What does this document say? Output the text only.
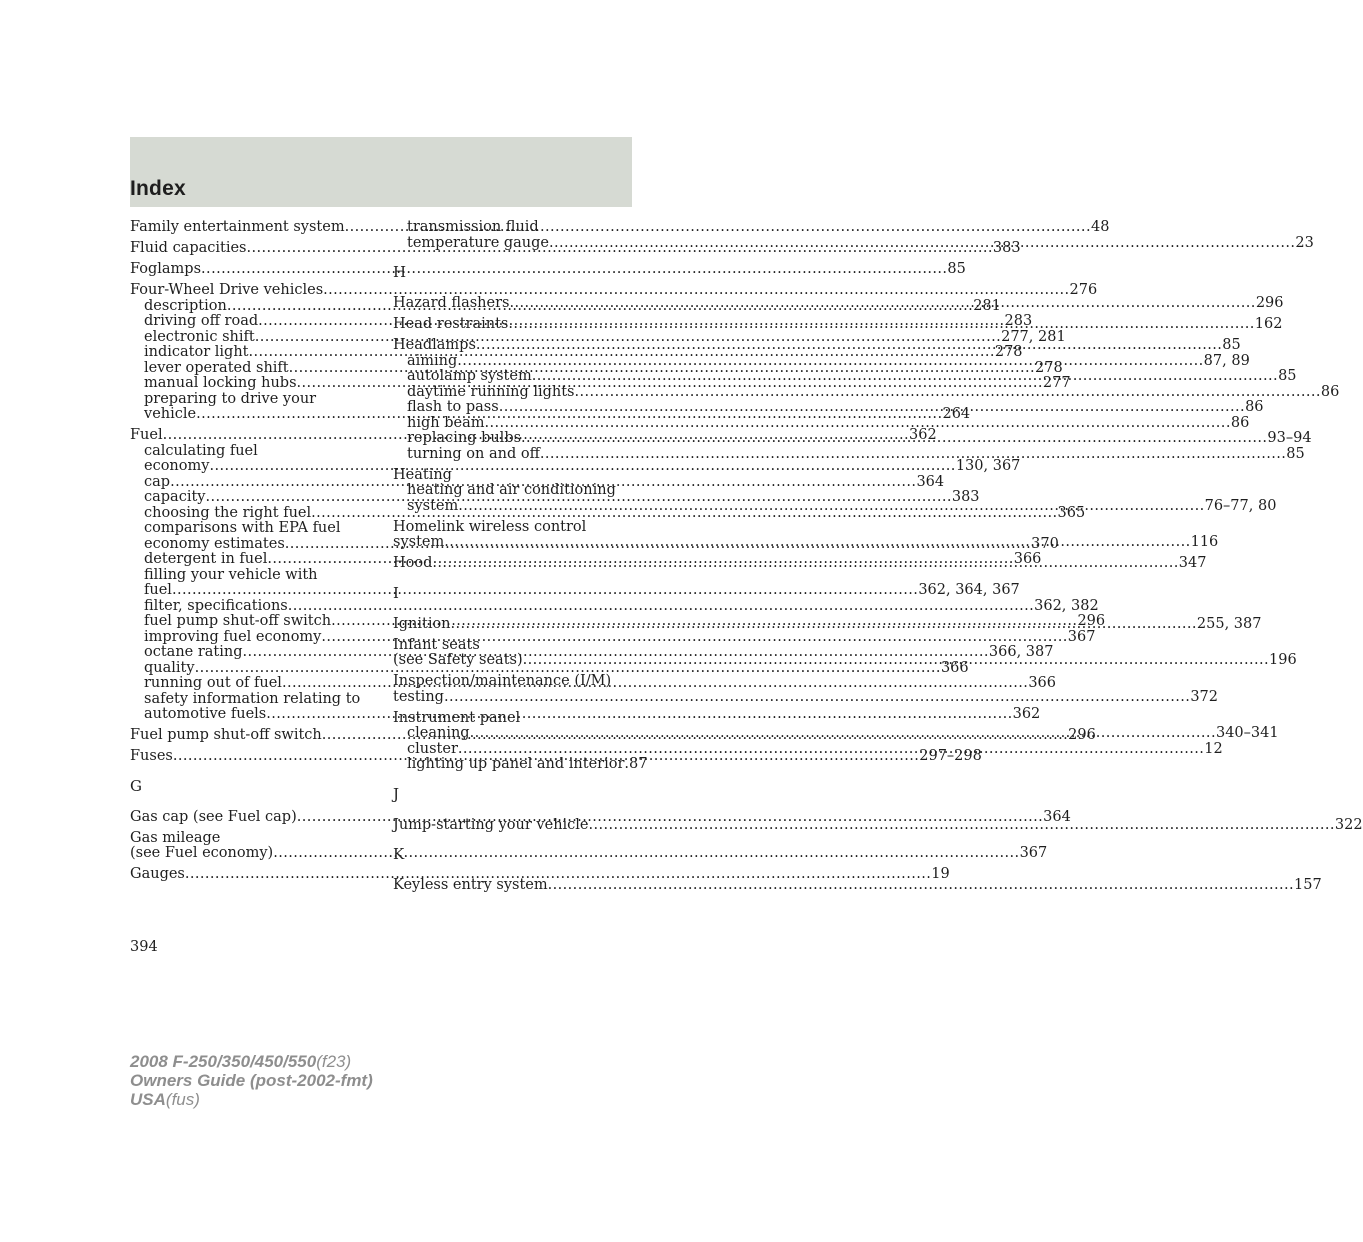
Index
Family entertainment system .....	48
Fluid capacities .....	383
Foglamps .....	85
Four-Wheel Drive vehicles .....	276
description .....	281
driving off road .....	283
electronic shift .....	277, 281
indicator light .....	278
lever operated shift .....	278
manual locking hubs .....	277
preparing to drive your
vehicle .....	264
Fuel .....	362
calculating fuel
economy .....	130, 367
cap .....	364
capacity .....	383
choosing the right fuel .....	365
comparisons with EPA fuel
economy estimates .....	370
detergent in fuel .....	366
filling your vehicle with
fuel .....	362, 364, 367
filter, specifications .....	362, 382
fuel pump shut-off switch .....	296
improving fuel economy .....	367
octane rating .....	366, 387
quality .....	366
running out of fuel .....	366
safety information relating to
automotive fuels .....	362
Fuel pump shut-off switch .....	296
Fuses .....	297–298
G
Gas cap (see Fuel cap) .....	364
Gas mileage
(see Fuel economy) .....	367
Gauges .....	19
transmission fluid
temperature gauge .....	23
H
Hazard flashers .....	296
Head restraints .....	162
Headlamps .....	85
aiming .....	87, 89
autolamp system .....	85
daytime running lights .....	86
flash to pass .....	86
high beam .....	86
replacing bulbs .....	93–94
turning on and off .....	85
Heating
heating and air conditioning
system .....	76–77, 80
Homelink wireless control
system .....	116
Hood .....	347
I
Ignition .....	255, 387
Infant seats
(see Safety seats) .....	196
Inspection/maintenance (I/M)
testing .....	372
Instrument panel
cleaning .....	340–341
cluster .....	12
lighting up panel and interior .87
J
Jump-starting your vehicle .....	322
K
Keyless entry system .....	157
394
2008 F-250/350/450/550(f23)
Owners Guide (post-2002-fmt)
USA(fus)
